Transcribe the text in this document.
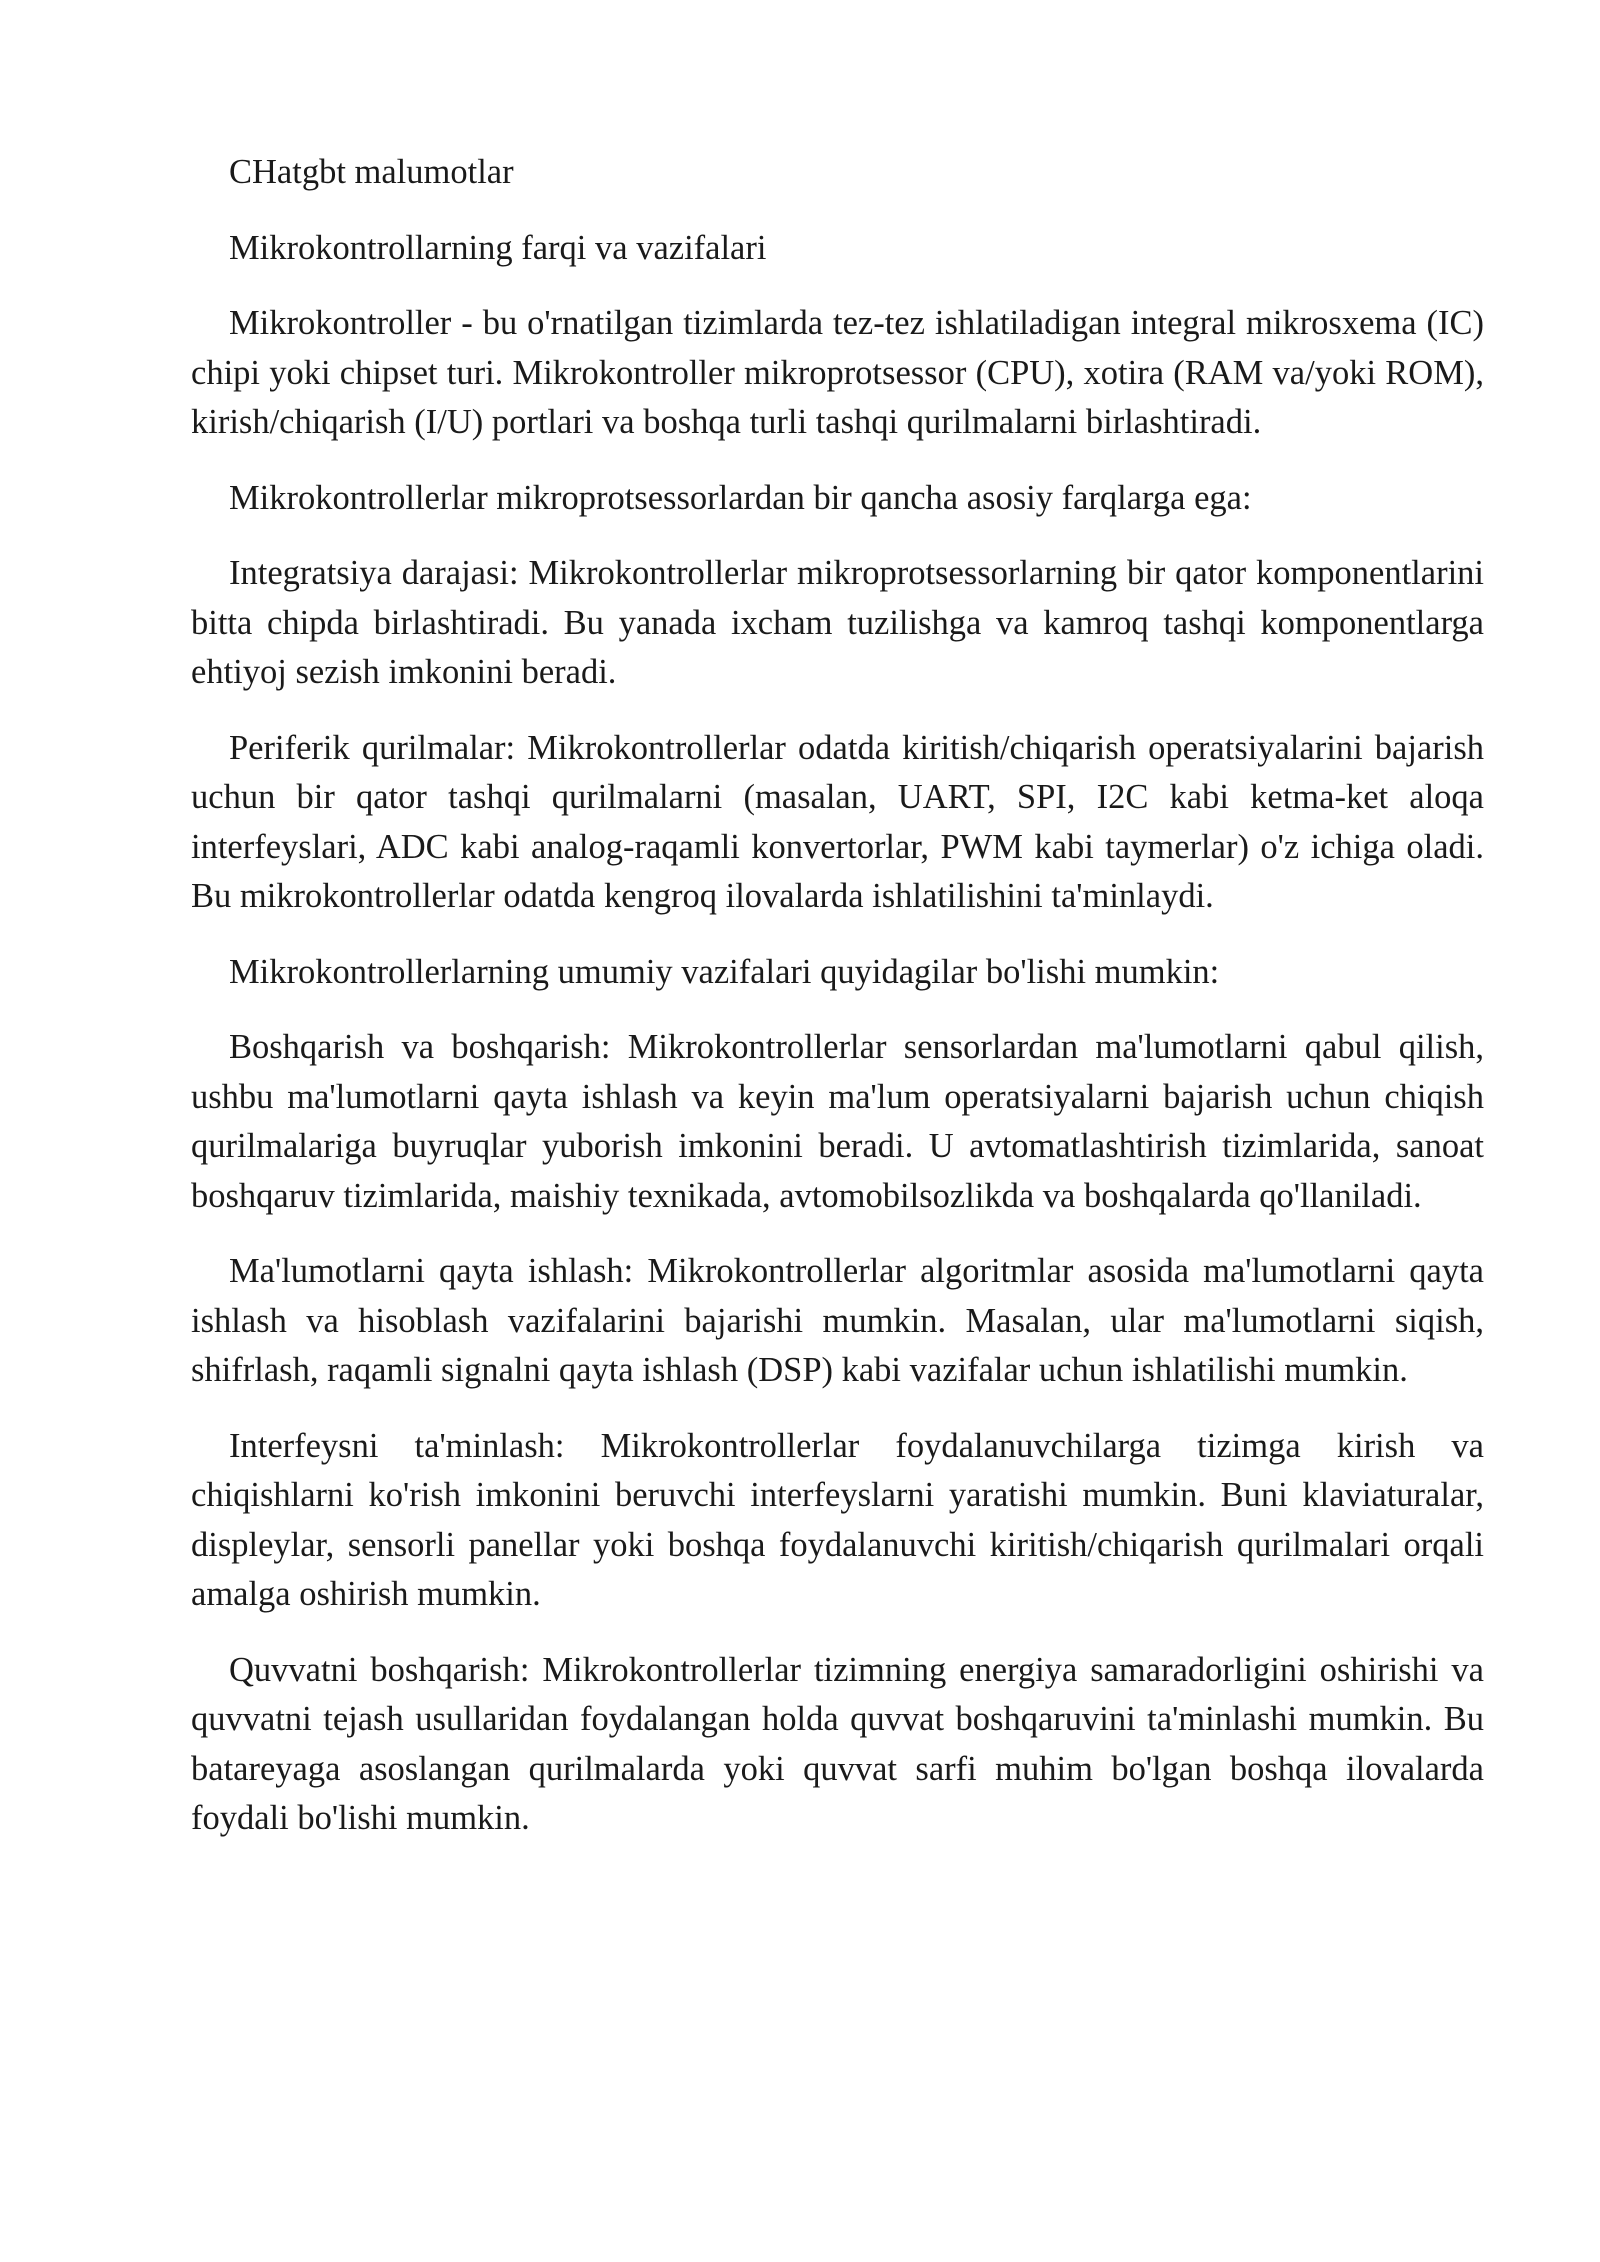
CHatgbt malumotlar

Mikrokontrollarning farqi va vazifalari

Mikrokontroller - bu o'rnatilgan tizimlarda tez-tez ishlatiladigan integral mikrosxema (IC) chipi yoki chipset turi. Mikrokontroller mikroprotsessor (CPU), xotira (RAM va/yoki ROM), kirish/chiqarish (I/U) portlari va boshqa turli tashqi qurilmalarni birlashtiradi.

Mikrokontrollerlar mikroprotsessorlardan bir qancha asosiy farqlarga ega:

Integratsiya darajasi: Mikrokontrollerlar mikroprotsessorlarning bir qator komponentlarini bitta chipda birlashtiradi. Bu yanada ixcham tuzilishga va kamroq tashqi komponentlarga ehtiyoj sezish imkonini beradi.

Periferik qurilmalar: Mikrokontrollerlar odatda kiritish/chiqarish operatsiyalarini bajarish uchun bir qator tashqi qurilmalarni (masalan, UART, SPI, I2C kabi ketma-ket aloqa interfeyslari, ADC kabi analog-raqamli konvertorlar, PWM kabi taymerlar) o'z ichiga oladi. Bu mikrokontrollerlar odatda kengroq ilovalarda ishlatilishini ta'minlaydi.

Mikrokontrollerlarning umumiy vazifalari quyidagilar bo'lishi mumkin:

Boshqarish va boshqarish: Mikrokontrollerlar sensorlardan ma'lumotlarni qabul qilish, ushbu ma'lumotlarni qayta ishlash va keyin ma'lum operatsiyalarni bajarish uchun chiqish qurilmalariga buyruqlar yuborish imkonini beradi. U avtomatlashtirish tizimlarida, sanoat boshqaruv tizimlarida, maishiy texnikada, avtomobilsozlikda va boshqalarda qo'llaniladi.

Ma'lumotlarni qayta ishlash: Mikrokontrollerlar algoritmlar asosida ma'lumotlarni qayta ishlash va hisoblash vazifalarini bajarishi mumkin. Masalan, ular ma'lumotlarni siqish, shifrlash, raqamli signalni qayta ishlash (DSP) kabi vazifalar uchun ishlatilishi mumkin.

Interfeysni ta'minlash: Mikrokontrollerlar foydalanuvchilarga tizimga kirish va chiqishlarni ko'rish imkonini beruvchi interfeyslarni yaratishi mumkin. Buni klaviaturalar, displeylar, sensorli panellar yoki boshqa foydalanuvchi kiritish/chiqarish qurilmalari orqali amalga oshirish mumkin.

Quvvatni boshqarish: Mikrokontrollerlar tizimning energiya samaradorligini oshirishi va quvvatni tejash usullaridan foydalangan holda quvvat boshqaruvini ta'minlashi mumkin. Bu batareyaga asoslangan qurilmalarda yoki quvvat sarfi muhim bo'lgan boshqa ilovalarda foydali bo'lishi mumkin.
